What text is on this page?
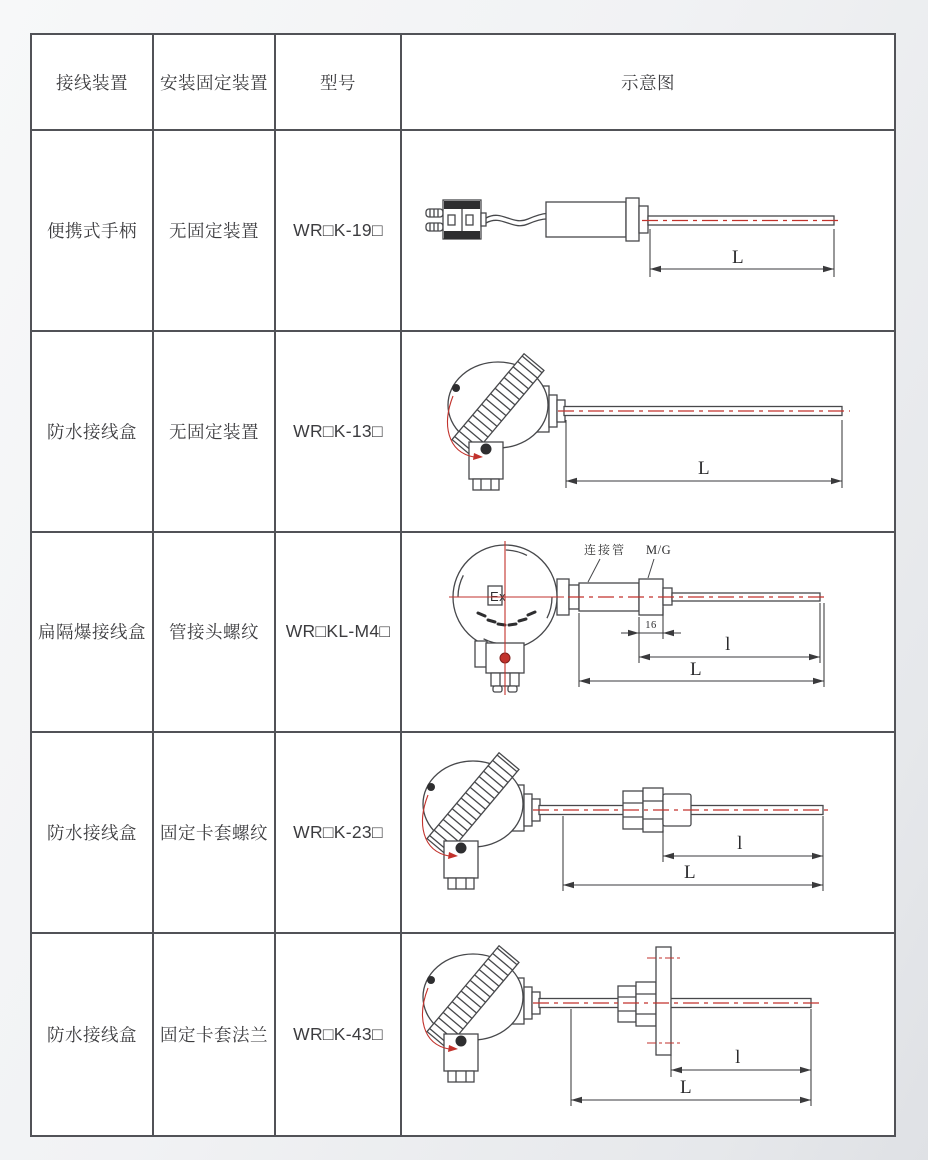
接线装置	安装固定装置	型号	示意图
便携式手柄	无固定装置	WR□K-19□
L
防水接线盒	无固定装置	WR□K-13□
L
扁隔爆接线盒	管接头螺纹	WR□KL-M4□
Ex
连接管 M/G
16
l
L
防水接线盒	固定卡套螺纹	WR□K-23□
l
L
防水接线盒	固定卡套法兰	WR□K-43□
l
L
